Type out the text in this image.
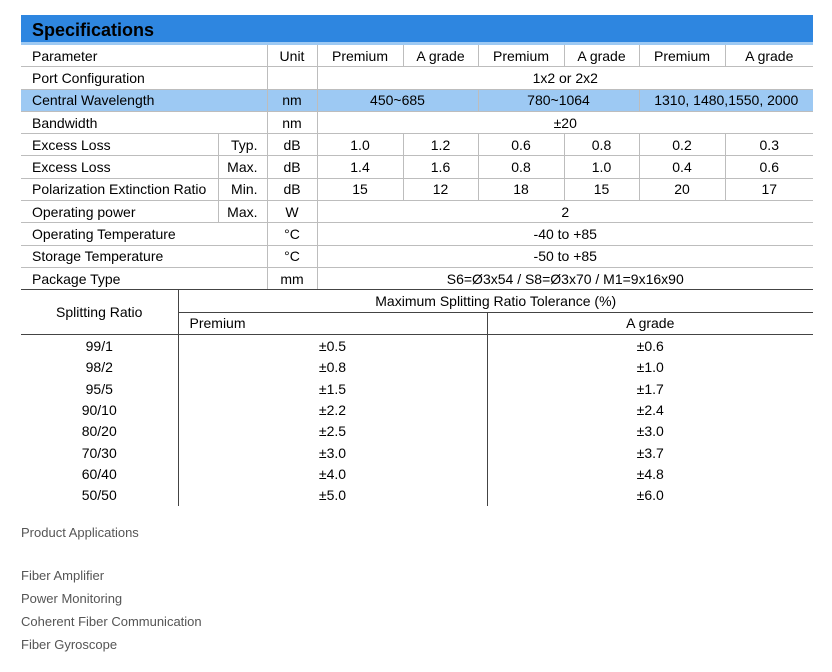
Specifications
Parameter		Unit	Premium	A grade	Premium	A grade	Premium	A grade
Port Configuration			1x2 or 2x2					
Central Wavelength		nm	450~685		780~1064		1310, 1480,1550, 2000	
Bandwidth		nm	±20					
Excess Loss	Typ.	dB	1.0	1.2	0.6	0.8	0.2	0.3
Excess Loss	Max.	dB	1.4	1.6	0.8	1.0	0.4	0.6
Polarization Extinction Ratio	Min.	dB	15	12	18	15	20	17
Operating power	Max.	W	2					
Operating Temperature		°C	-40 to +85					
Storage Temperature		°C	-50 to +85					
Package Type		mm	S6=Ø3x54 / S8=Ø3x70 / M1=9x16x90					
Splitting Ratio	Maximum Splitting Ratio Tolerance (%)	
	Premium	A grade
99/1	±0.5	±0.6
98/2	±0.8	±1.0
95/5	±1.5	±1.7
90/10	±2.2	±2.4
80/20	±2.5	±3.0
70/30	±3.0	±3.7
60/40	±4.0	±4.8
50/50	±5.0	±6.0
Product Applications
Fiber Amplifier
Power Monitoring
Coherent Fiber Communication
Fiber Gyroscope
